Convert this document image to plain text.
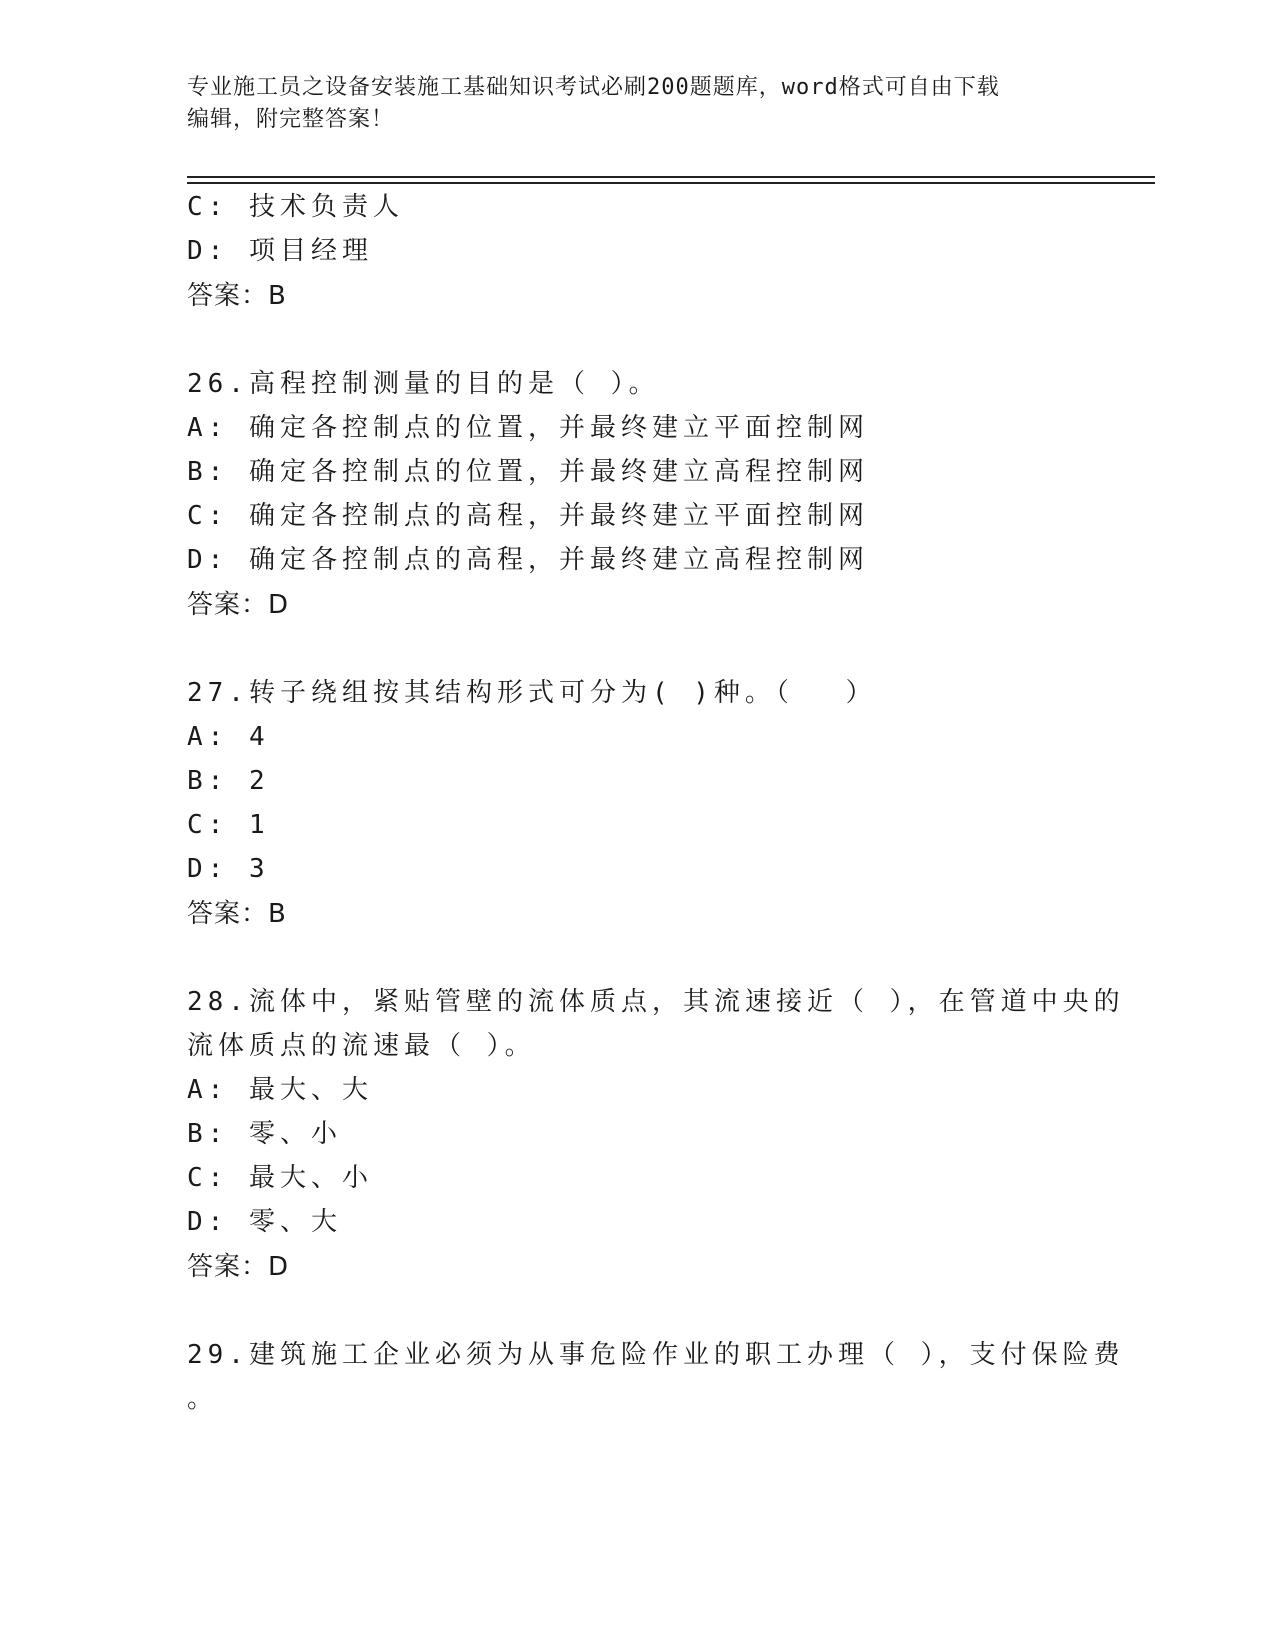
专业施工员之设备安装施工基础知识考试必刷200题题库，word格式可自由下载
编辑，附完整答案！
C: 技术负责人
D: 项目经理
答案：B
26.高程控制测量的目的是（ ）。
A: 确定各控制点的位置，并最终建立平面控制网
B: 确定各控制点的位置，并最终建立高程控制网
C: 确定各控制点的高程，并最终建立平面控制网
D: 确定各控制点的高程，并最终建立高程控制网
答案：D
27.转子绕组按其结构形式可分为( )种。（　 ）
A: 4
B: 2
C: 1
D: 3
答案：B
28.流体中，紧贴管壁的流体质点，其流速接近（ ），在管道中央的
流体质点的流速最（ ）。
A: 最大、大
B: 零、小
C: 最大、小
D: 零、大
答案：D
29.建筑施工企业必须为从事危险作业的职工办理（ ），支付保险费
。
